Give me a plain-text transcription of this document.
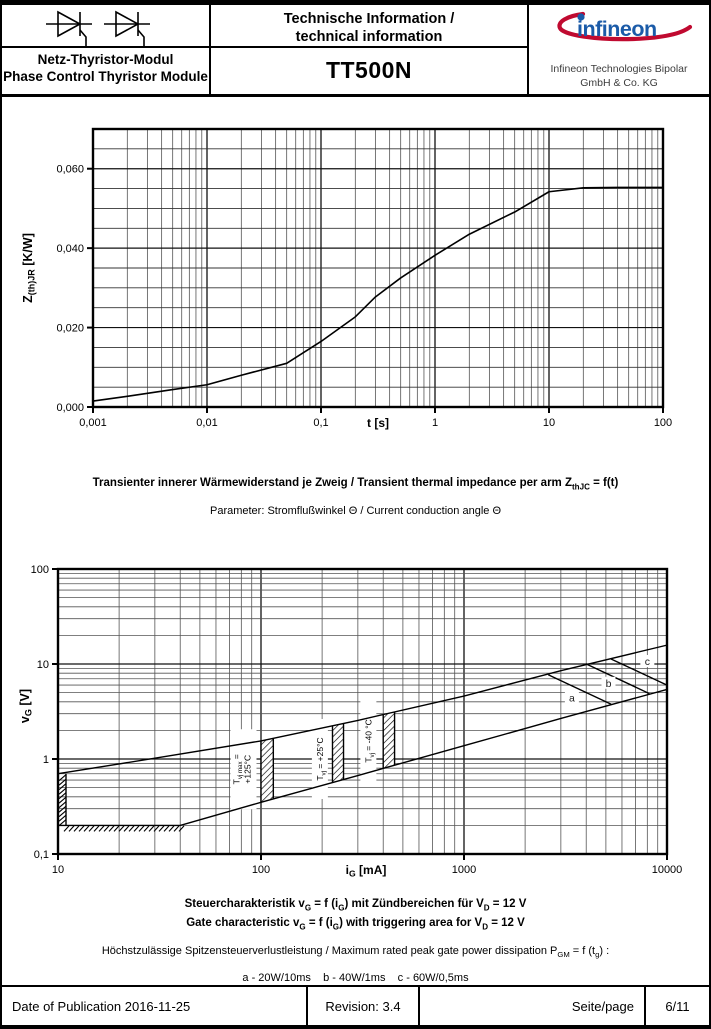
Netz-Thyristor-Modul
Phase Control Thyristor Module
Technische Information /
technical information
TT500N
infineon
Infineon Technologies Bipolar
GmbH & Co. KG
0,001	0,01	0,1	1	10	100
0,000
0,020
0,040
0,060
t [s]
Z(th)JR [K/W]
Transienter innerer Wärmewiderstand je Zweig / Transient thermal impedance per arm $Z_{thJC} = f(t)$
Parameter: Stromflußwinkel Θ / Current conduction angle Θ
$T_{vj max} = +125^\circ C$	$T_{vj} = +25^\circ C$	$T_{vj} = -40$ °C
a
b
c
10	100	1000	10000
0,1
1
10
100
iG [mA]
vG [V]
Steuercharakteristik $v_G = f$ $(i_G)$ mit Zündbereichen für $V_D = 12$ V
Gate characteristic $v_G = f$ $(i_G)$ with triggering area for $V_D = 12$ V
Höchstzulässige Spitzensteuerverlustleistung / Maximum rated peak gate power dissipation $P_{GM} = f$ $(t_g)$ :
a - 20W/10ms    b - 40W/1ms    c - 60W/0,5ms
Date of Publication 2016-11-25	Revision: 3.4	Seite/page	6/11
